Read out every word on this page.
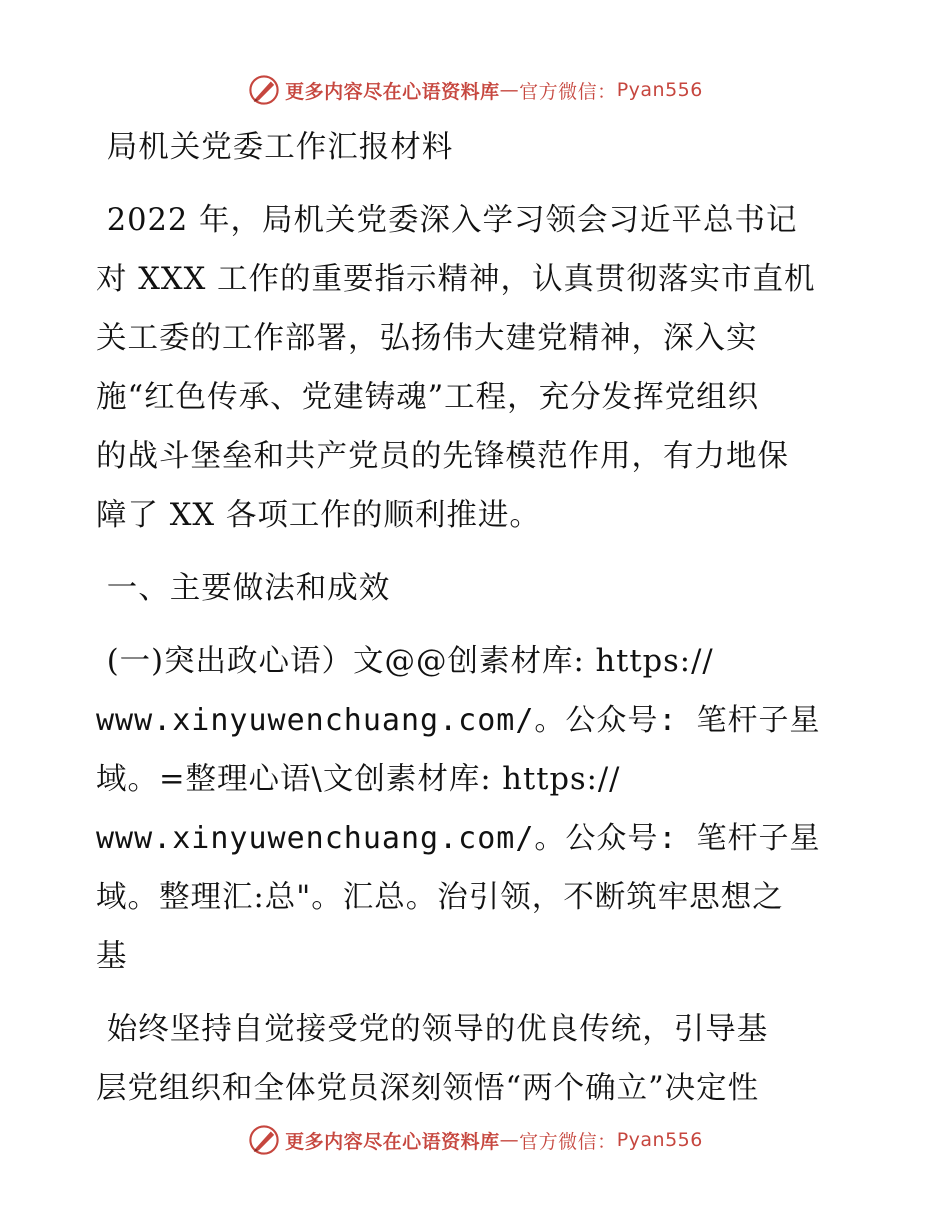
更多内容尽在心语资料库 — 官方微信： Pyan556
局机关党委工作汇报材料
2022 年，局机关党委深入学习领会习近平总书记
对 XXX 工作的重要指示精神，认真贯彻落实市直机
关工委的工作部署，弘扬伟大建党精神，深入实
施“红色传承、党建铸魂”工程，充分发挥党组织
的战斗堡垒和共产党员的先锋模范作用，有力地保
障了 XX 各项工作的顺利推进。
一、主要做法和成效
(一)突出政心语）文@@创素材库: https://
www.xinyuwenchuang.com/。公众号: 笔杆子星
域。=整理心语\文创素材库: https://
www.xinyuwenchuang.com/。公众号: 笔杆子星
域。整理汇:总"。汇总。治引领，不断筑牢思想之
基
始终坚持自觉接受党的领导的优良传统，引导基
层党组织和全体党员深刻领悟“两个确立”决定性
更多内容尽在心语资料库 — 官方微信： Pyan556
